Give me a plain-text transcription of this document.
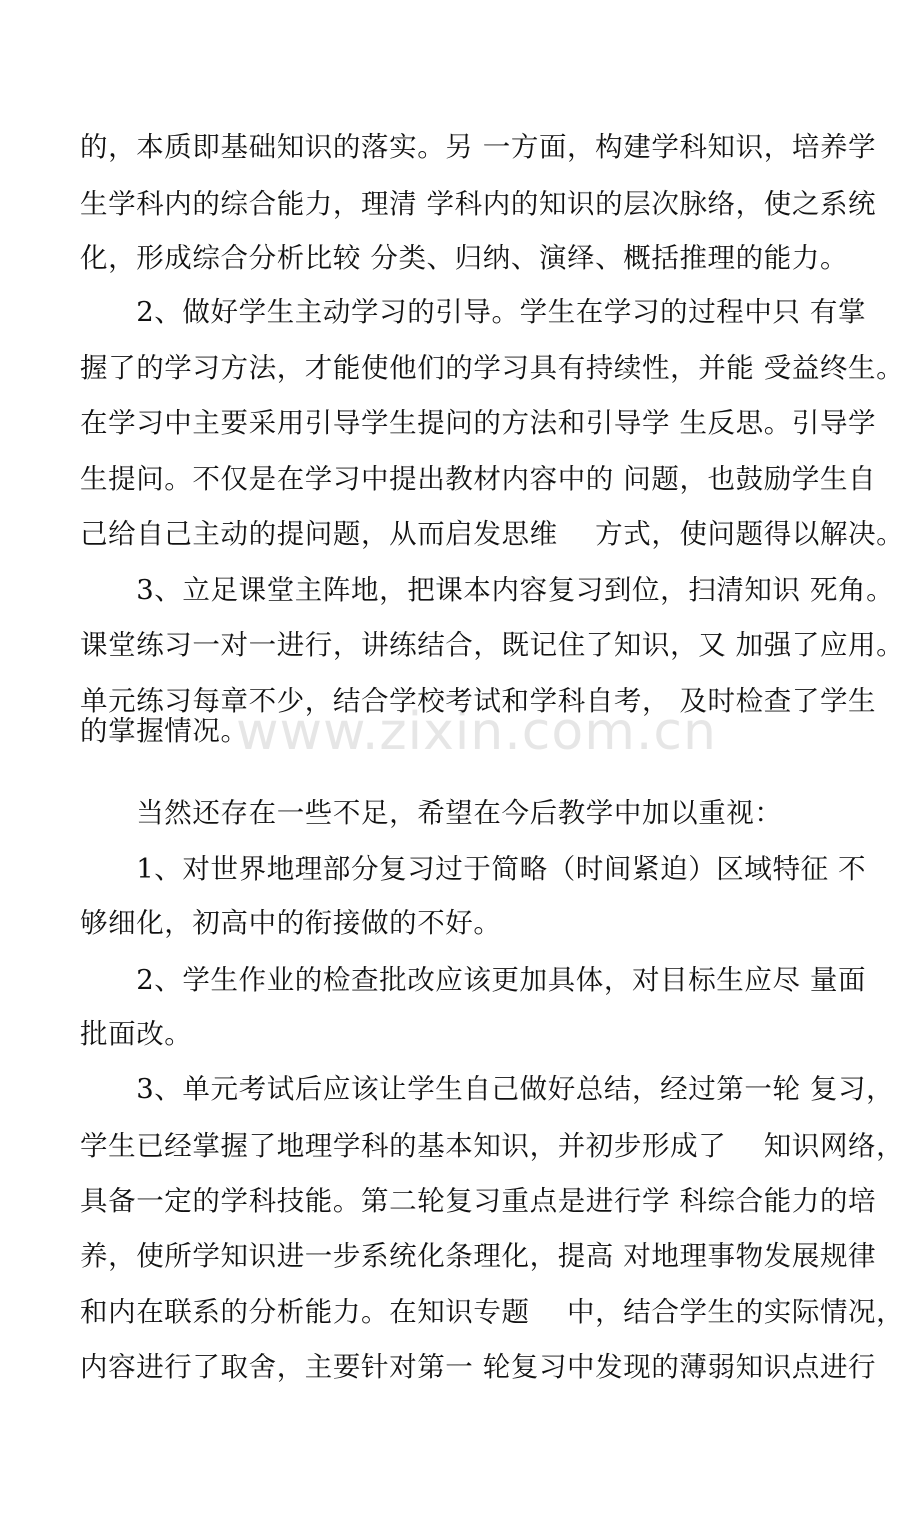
www.zixin.com.cn
的，本质即基础知识的落实。另 一方面，构建学科知识，培养学
生学科内的综合能力，理清 学科内的知识的层次脉络，使之系统
化，形成综合分析比较 分类、归纳、演绎、概括推理的能力。
　　2、做好学生主动学习的引导。学生在学习的过程中只 有掌
握了的学习方法，才能使他们的学习具有持续性，并能 受益终生。
在学习中主要采用引导学生提问的方法和引导学 生反思。引导学
生提问。不仅是在学习中提出教材内容中的 问题，也鼓励学生自
己给自己主动的提问题，从而启发思维　 方式，使问题得以解决。
　　3、立足课堂主阵地，把课本内容复习到位，扫清知识 死角。
课堂练习一对一进行，讲练结合，既记住了知识，又 加强了应用。
单元练习每章不少，结合学校考试和学科自考， 及时检查了学生
的掌握情况。
　　当然还存在一些不足，希望在今后教学中加以重视：
　　1、对世界地理部分复习过于简略（时间紧迫）区域特征 不
够细化，初高中的衔接做的不好。
　　2、学生作业的检查批改应该更加具体，对目标生应尽 量面
批面改。
　　3、单元考试后应该让学生自己做好总结，经过第一轮 复习，
学生已经掌握了地理学科的基本知识，并初步形成了　 知识网络，
具备一定的学科技能。第二轮复习重点是进行学 科综合能力的培
养，使所学知识进一步系统化条理化，提高 对地理事物发展规律
和内在联系的分析能力。在知识专题　 中，结合学生的实际情况，
内容进行了取舍，主要针对第一 轮复习中发现的薄弱知识点进行
